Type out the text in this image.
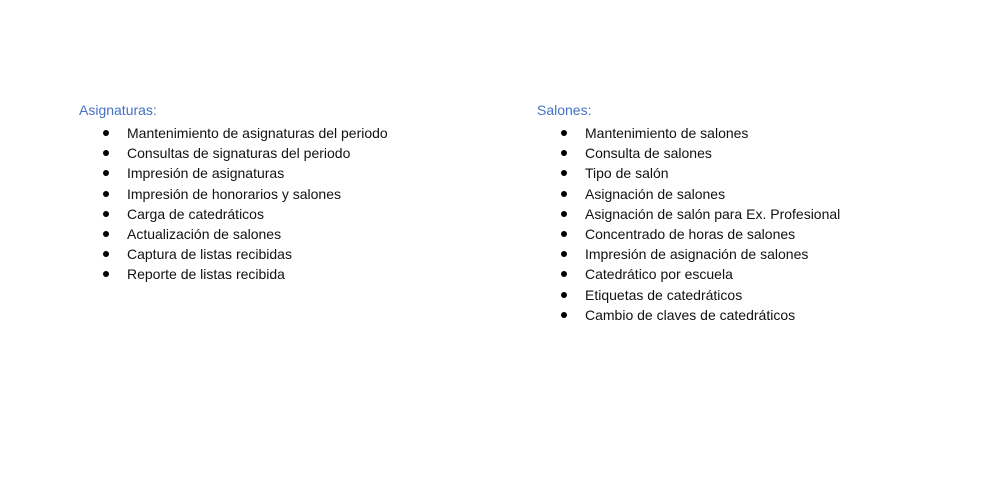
Asignaturas:
Mantenimiento de asignaturas del periodo
Consultas de signaturas del periodo
Impresión de asignaturas
Impresión de honorarios y salones
Carga de catedráticos
Actualización de salones
Captura de listas recibidas
Reporte de listas recibida
Salones:
Mantenimiento de salones
Consulta de salones
Tipo de salón
Asignación de salones
Asignación de salón para Ex. Profesional
Concentrado de horas de salones
Impresión de asignación de salones
Catedrático por escuela
Etiquetas de catedráticos
Cambio de claves de catedráticos
